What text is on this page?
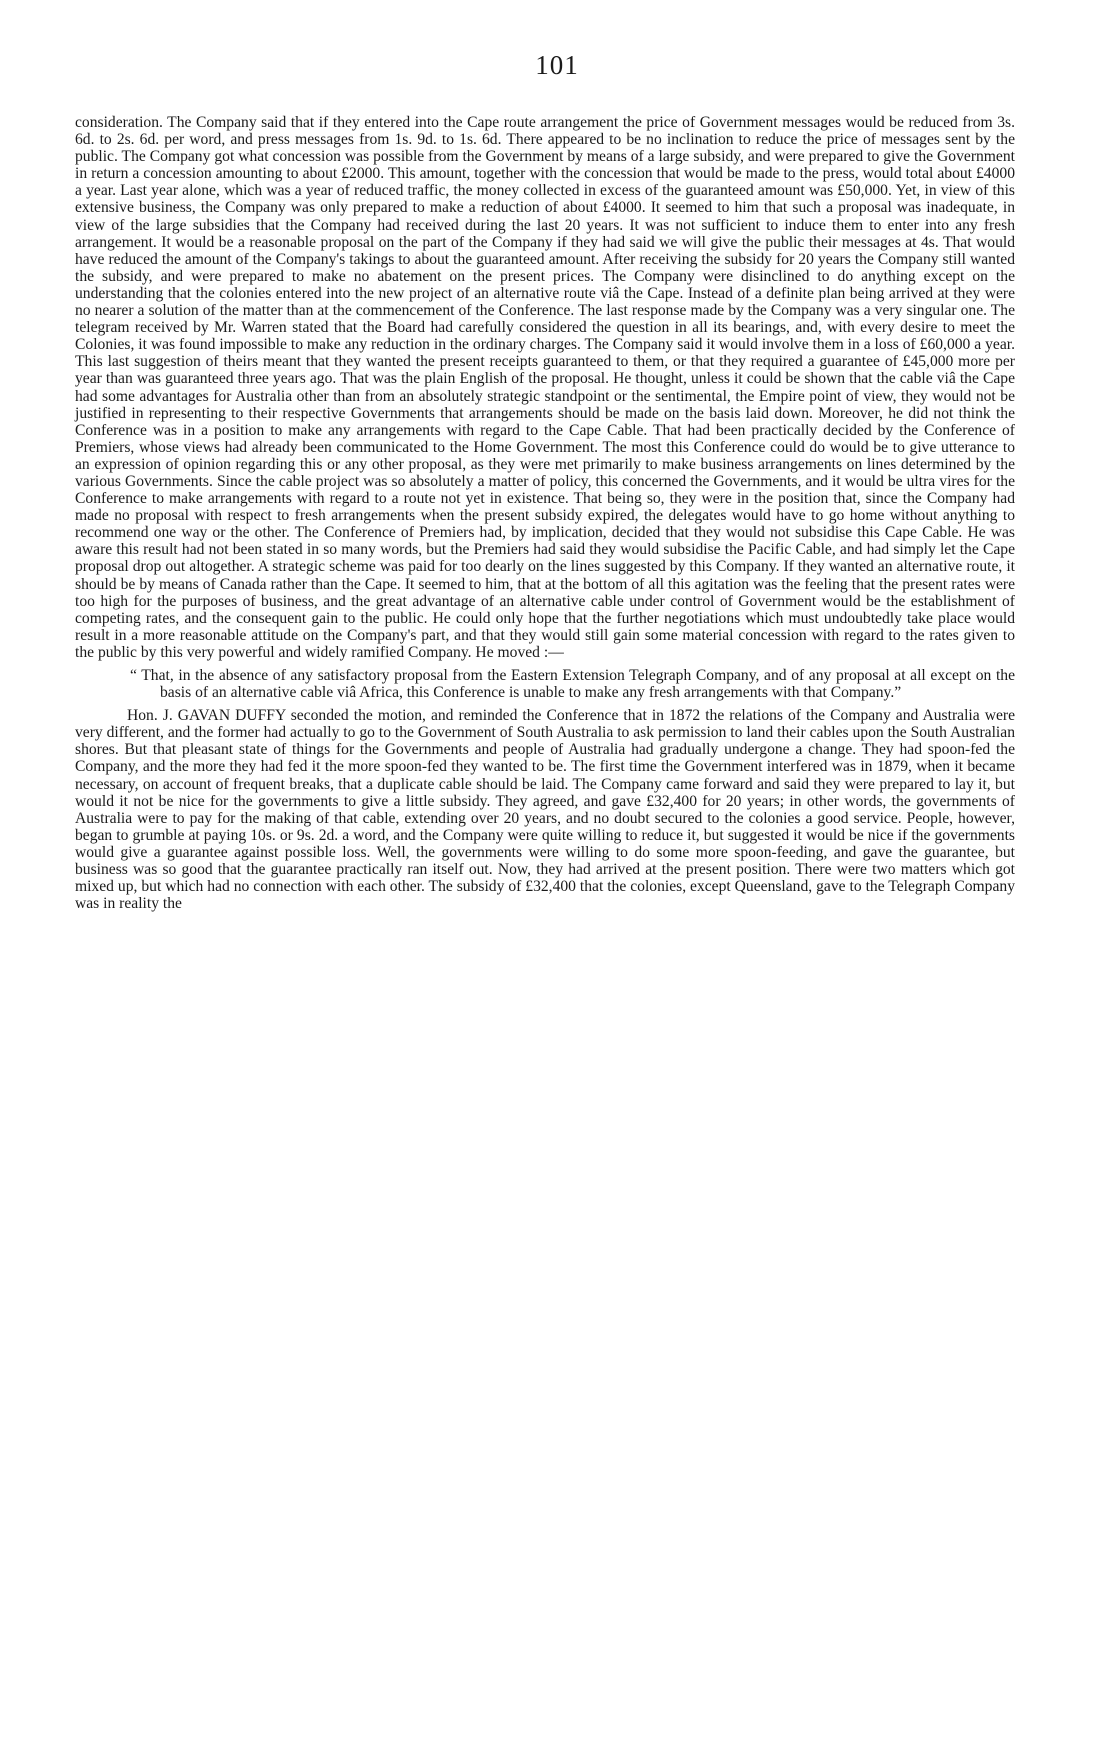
101

consideration. The Company said that if they entered into the Cape route arrangement the price of Government messages would be reduced from 3s. 6d. to 2s. 6d. per word, and press messages from 1s. 9d. to 1s. 6d. There appeared to be no inclination to reduce the price of messages sent by the public. The Company got what concession was possible from the Government by means of a large subsidy, and were prepared to give the Government in return a concession amounting to about £2000. This amount, together with the concession that would be made to the press, would total about £4000 a year. Last year alone, which was a year of reduced traffic, the money collected in excess of the guaranteed amount was £50,000. Yet, in view of this extensive business, the Company was only prepared to make a reduction of about £4000. It seemed to him that such a proposal was inadequate, in view of the large subsidies that the Company had received during the last 20 years. It was not sufficient to induce them to enter into any fresh arrangement. It would be a reasonable proposal on the part of the Company if they had said we will give the public their messages at 4s. That would have reduced the amount of the Company's takings to about the guaranteed amount. After receiving the subsidy for 20 years the Company still wanted the subsidy, and were prepared to make no abatement on the present prices. The Company were disinclined to do anything except on the understanding that the colonies entered into the new project of an alternative route viâ the Cape. Instead of a definite plan being arrived at they were no nearer a solution of the matter than at the commencement of the Conference. The last response made by the Company was a very singular one. The telegram received by Mr. Warren stated that the Board had carefully considered the question in all its bearings, and, with every desire to meet the Colonies, it was found impossible to make any reduction in the ordinary charges. The Company said it would involve them in a loss of £60,000 a year. This last suggestion of theirs meant that they wanted the present receipts guaranteed to them, or that they required a guarantee of £45,000 more per year than was guaranteed three years ago. That was the plain English of the proposal. He thought, unless it could be shown that the cable viâ the Cape had some advantages for Australia other than from an absolutely strategic standpoint or the sentimental, the Empire point of view, they would not be justified in representing to their respective Governments that arrangements should be made on the basis laid down. Moreover, he did not think the Conference was in a position to make any arrangements with regard to the Cape Cable. That had been practically decided by the Conference of Premiers, whose views had already been communicated to the Home Government. The most this Conference could do would be to give utterance to an expression of opinion regarding this or any other proposal, as they were met primarily to make business arrangements on lines determined by the various Governments. Since the cable project was so absolutely a matter of policy, this concerned the Governments, and it would be ultra vires for the Conference to make arrangements with regard to a route not yet in existence. That being so, they were in the position that, since the Company had made no proposal with respect to fresh arrangements when the present subsidy expired, the delegates would have to go home without anything to recommend one way or the other. The Conference of Premiers had, by implication, decided that they would not subsidise this Cape Cable. He was aware this result had not been stated in so many words, but the Premiers had said they would subsidise the Pacific Cable, and had simply let the Cape proposal drop out altogether. A strategic scheme was paid for too dearly on the lines suggested by this Company. If they wanted an alternative route, it should be by means of Canada rather than the Cape. It seemed to him, that at the bottom of all this agitation was the feeling that the present rates were too high for the purposes of business, and the great advantage of an alternative cable under control of Government would be the establishment of competing rates, and the consequent gain to the public. He could only hope that the further negotiations which must undoubtedly take place would result in a more reasonable attitude on the Company's part, and that they would still gain some material concession with regard to the rates given to the public by this very powerful and widely ramified Company. He moved :—

“ That, in the absence of any satisfactory proposal from the Eastern Extension Telegraph Company, and of any proposal at all except on the basis of an alternative cable viâ Africa, this Conference is unable to make any fresh arrangements with that Company.”

Hon. J. GAVAN DUFFY seconded the motion, and reminded the Conference that in 1872 the relations of the Company and Australia were very different, and the former had actually to go to the Government of South Australia to ask permission to land their cables upon the South Australian shores. But that pleasant state of things for the Governments and people of Australia had gradually undergone a change. They had spoon-fed the Company, and the more they had fed it the more spoon-fed they wanted to be. The first time the Government interfered was in 1879, when it became necessary, on account of frequent breaks, that a duplicate cable should be laid. The Company came forward and said they were prepared to lay it, but would it not be nice for the governments to give a little subsidy. They agreed, and gave £32,400 for 20 years; in other words, the governments of Australia were to pay for the making of that cable, extending over 20 years, and no doubt secured to the colonies a good service. People, however, began to grumble at paying 10s. or 9s. 2d. a word, and the Company were quite willing to reduce it, but suggested it would be nice if the governments would give a guarantee against possible loss. Well, the governments were willing to do some more spoon-feeding, and gave the guarantee, but business was so good that the guarantee practically ran itself out. Now, they had arrived at the present position. There were two matters which got mixed up, but which had no connection with each other. The subsidy of £32,400 that the colonies, except Queensland, gave to the Telegraph Company was in reality the
